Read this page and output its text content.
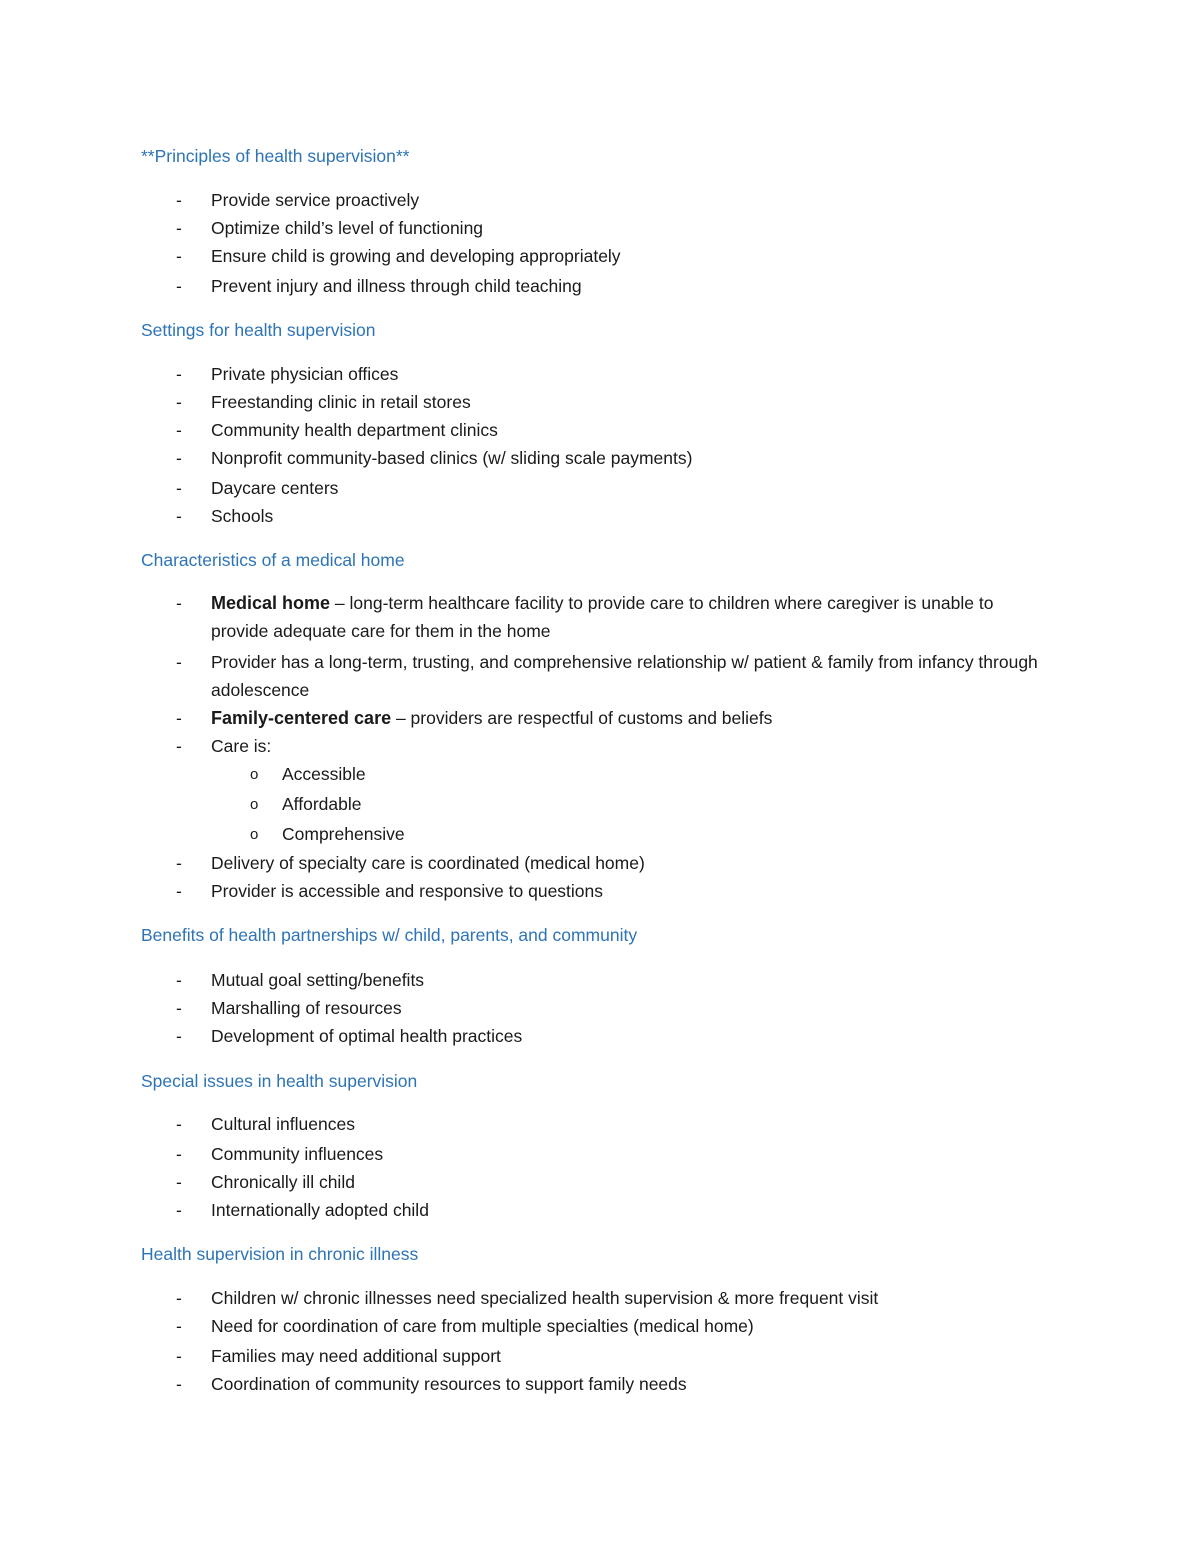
**Principles of health supervision**
- Provide service proactively
- Optimize child’s level of functioning
- Ensure child is growing and developing appropriately
- Prevent injury and illness through child teaching
Settings for health supervision
- Private physician offices
- Freestanding clinic in retail stores
- Community health department clinics
- Nonprofit community-based clinics (w/ sliding scale payments)
- Daycare centers
- Schools
Characteristics of a medical home
- Medical home – long-term healthcare facility to provide care to children where caregiver is unable to provide adequate care for them in the home
- Provider has a long-term, trusting, and comprehensive relationship w/ patient & family from infancy through adolescence
- Family-centered care – providers are respectful of customs and beliefs
- Care is:
o Accessible
o Affordable
o Comprehensive
- Delivery of specialty care is coordinated (medical home)
- Provider is accessible and responsive to questions
Benefits of health partnerships w/ child, parents, and community
- Mutual goal setting/benefits
- Marshalling of resources
- Development of optimal health practices
Special issues in health supervision
- Cultural influences
- Community influences
- Chronically ill child
- Internationally adopted child
Health supervision in chronic illness
- Children w/ chronic illnesses need specialized health supervision & more frequent visit
- Need for coordination of care from multiple specialties (medical home)
- Families may need additional support
- Coordination of community resources to support family needs
